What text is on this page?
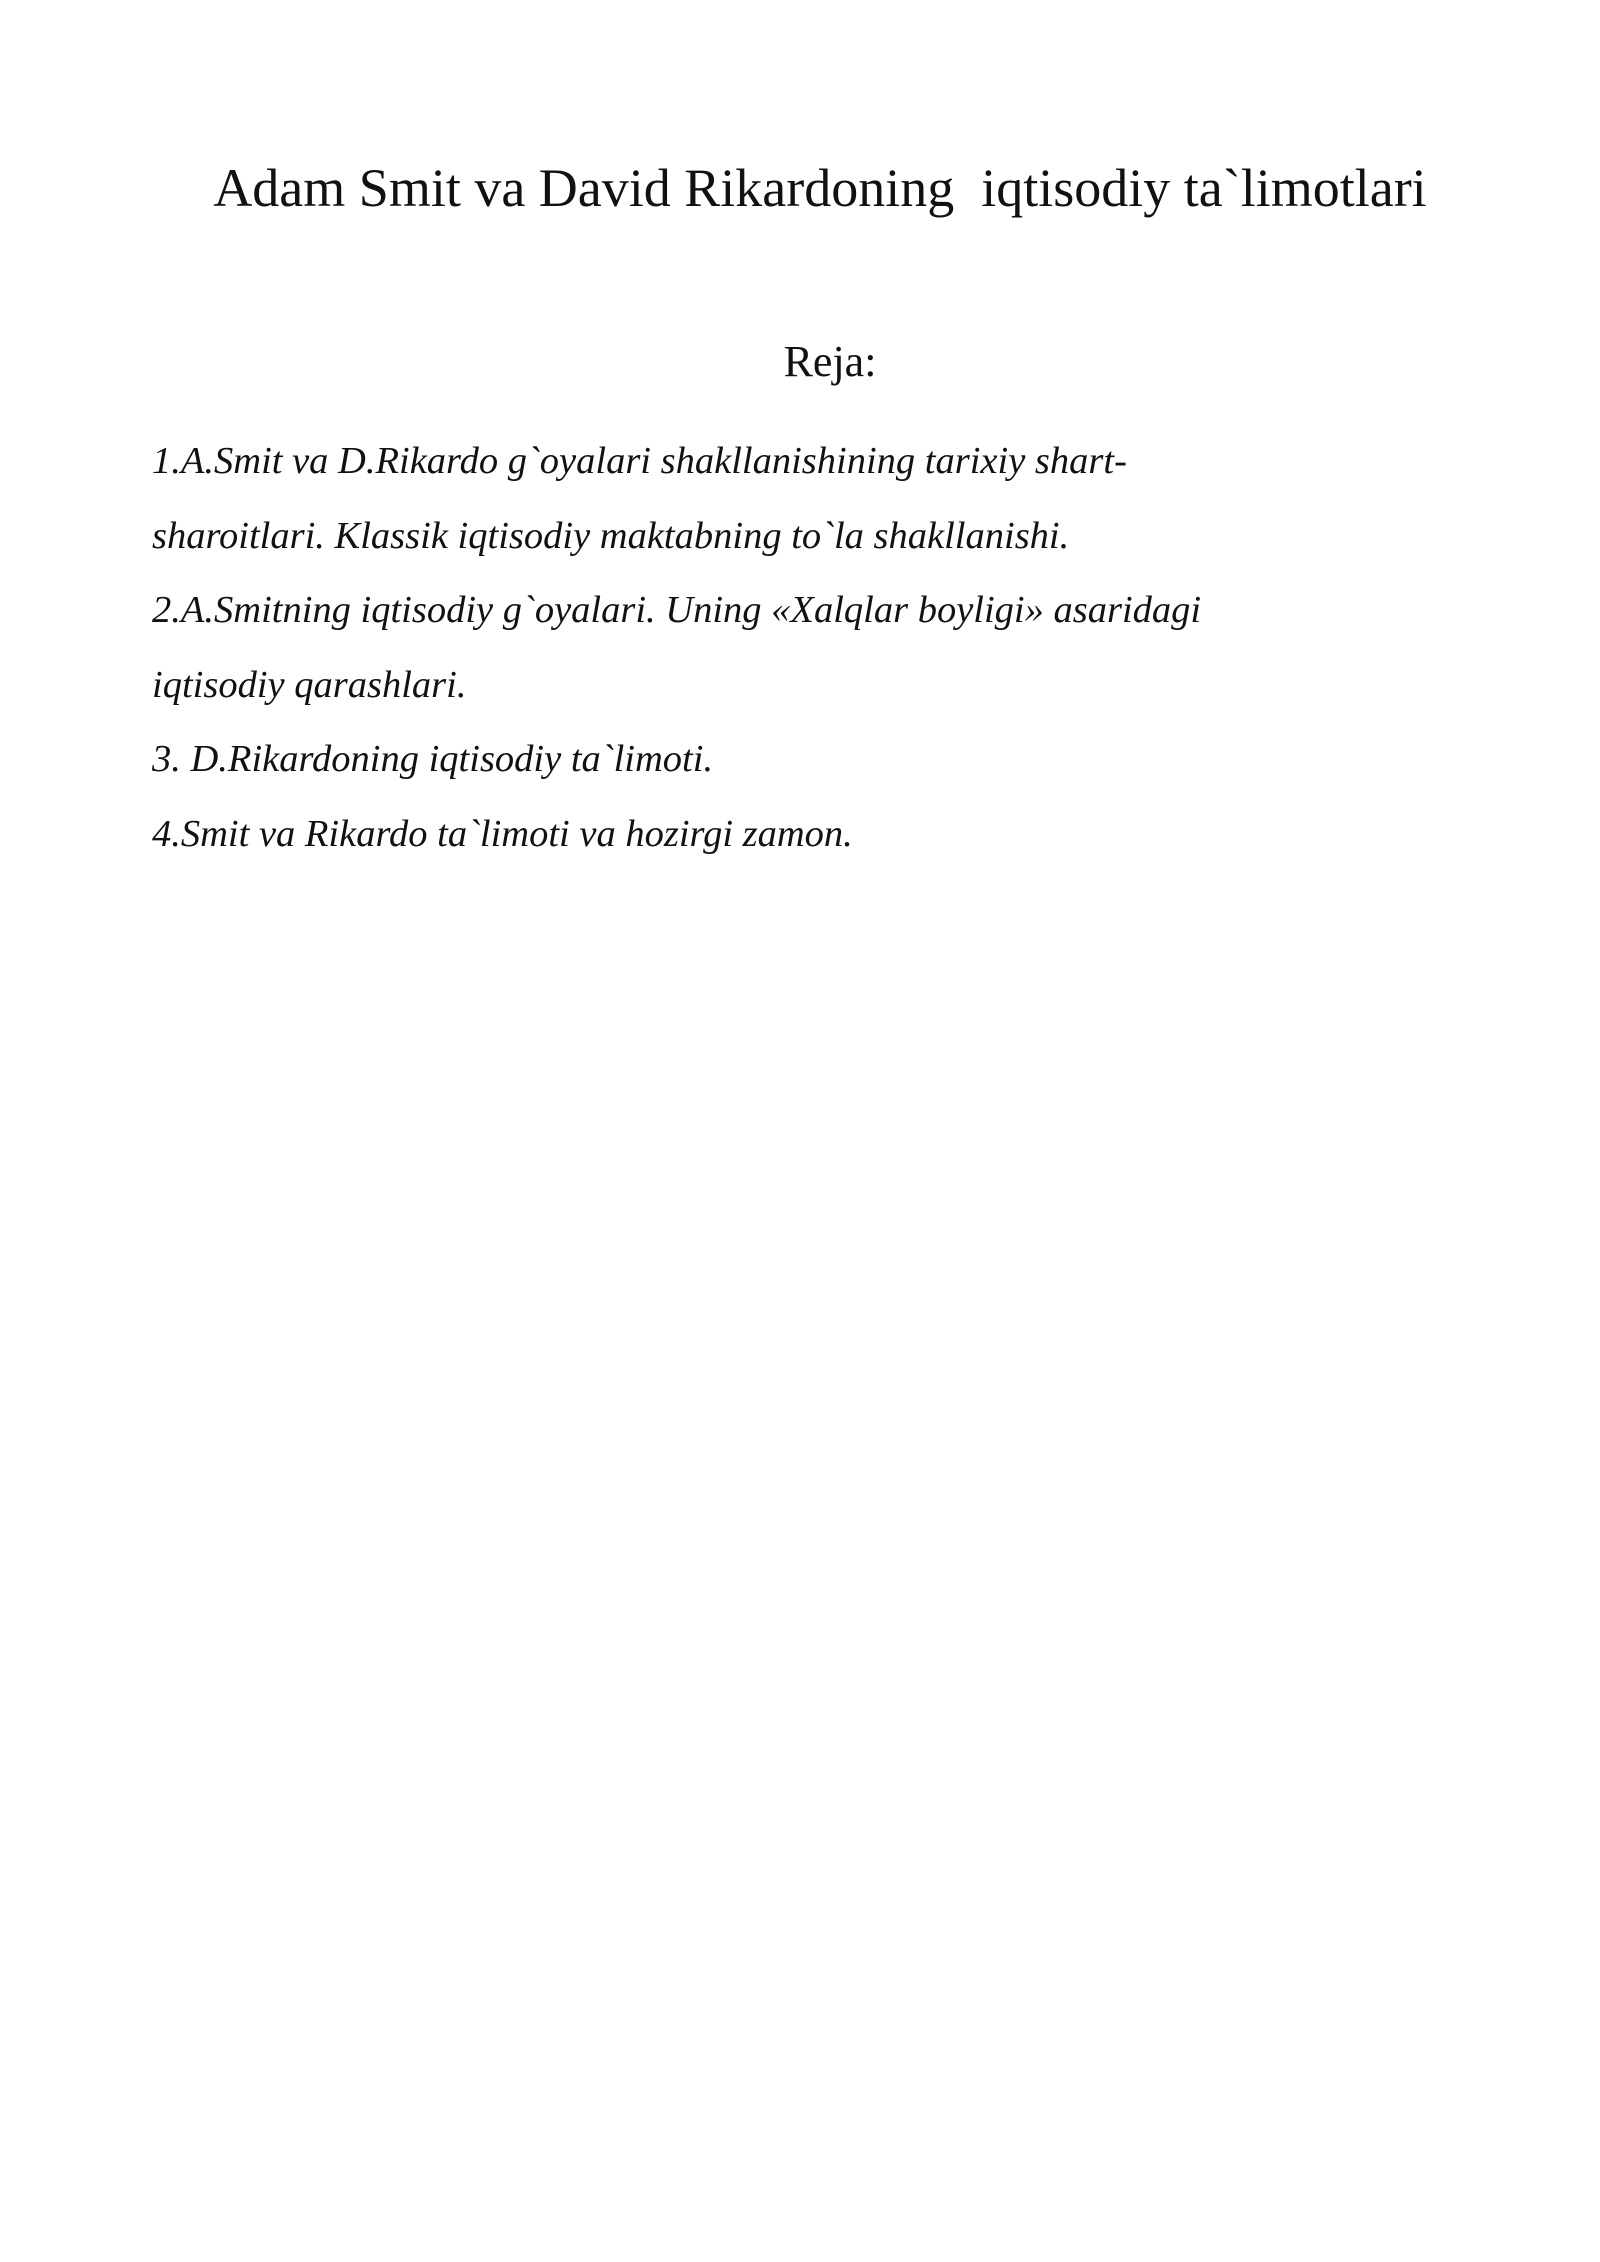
Adam Smit va David Rikardoning  iqtisodiy ta`limotlari
Reja:

1.A.Smit va D.Rikardo g`oyalari shakllanishining tarixiy shart-

sharoitlari. Klassik iqtisodiy maktabning to`la shakllanishi.

2.A.Smitning iqtisodiy g`oyalari. Uning «Xalqlar boyligi» asaridagi

iqtisodiy qarashlari.

3. D.Rikardoning iqtisodiy ta`limoti.

4.Smit va Rikardo ta`limoti va hozirgi zamon.
